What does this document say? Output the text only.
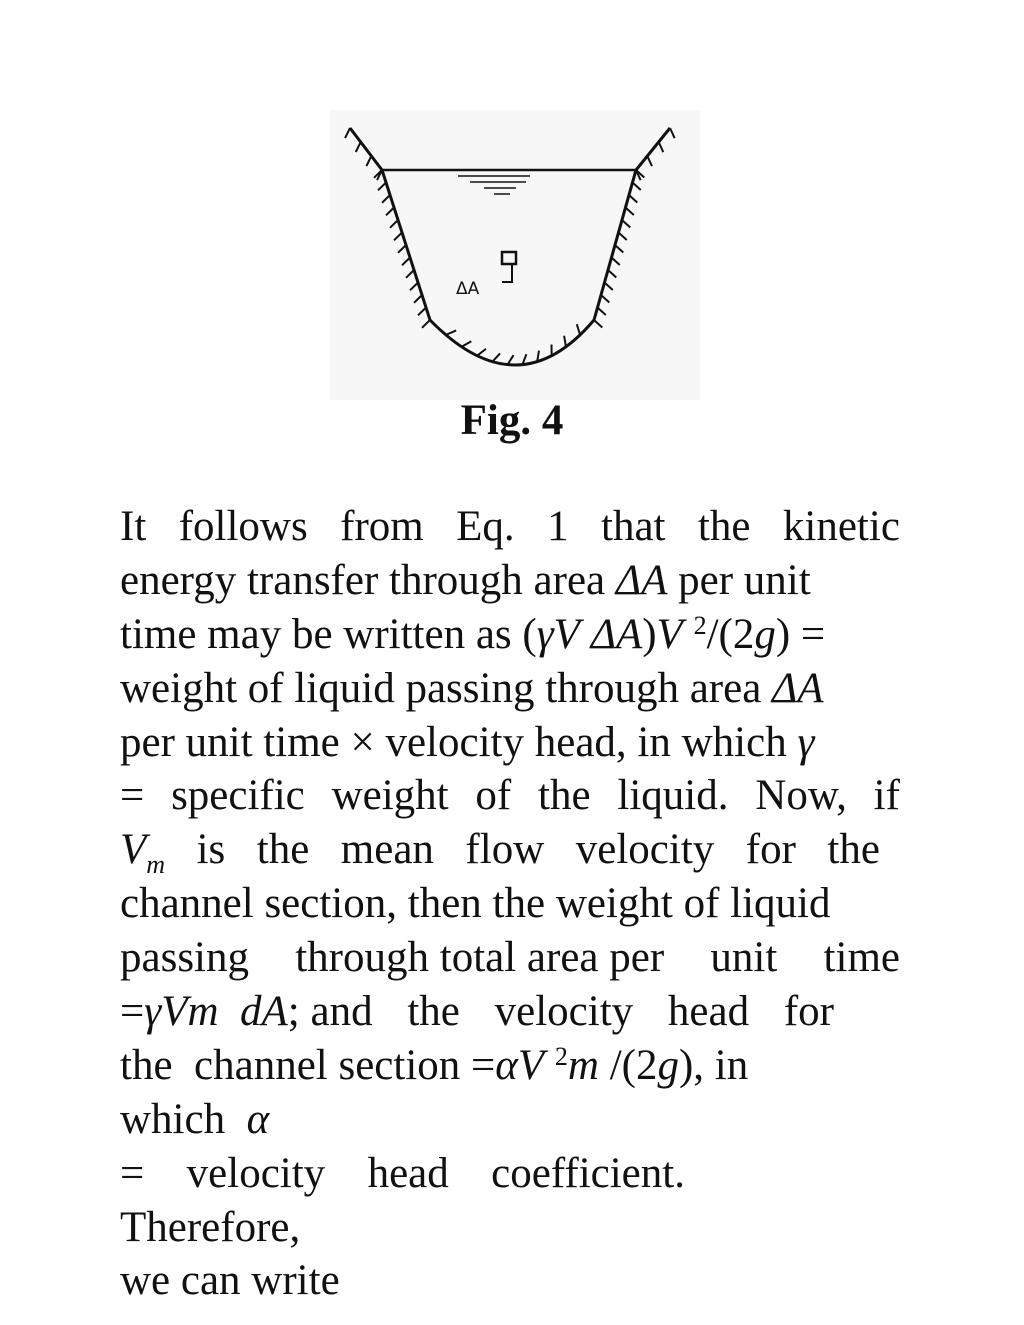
ΔA
Fig. 4
It follows from Eq. 1 that the kinetic
energy transfer through area ΔA per unit
time may be written as (γV ΔA)V $^2$/(2g) =
weight of liquid passing through area ΔA
per unit time × velocity head, in which γ
= specific weight of the liquid. Now, if
$V_m$ is the mean flow velocity for the
channel section, then the weight of liquid
passing through total area per unit time
=γVm  dA; and the velocity head for
the  channel section =αV $^2$m /(2g), in
which  α
= velocity head coefficient.
Therefore,
we can write
